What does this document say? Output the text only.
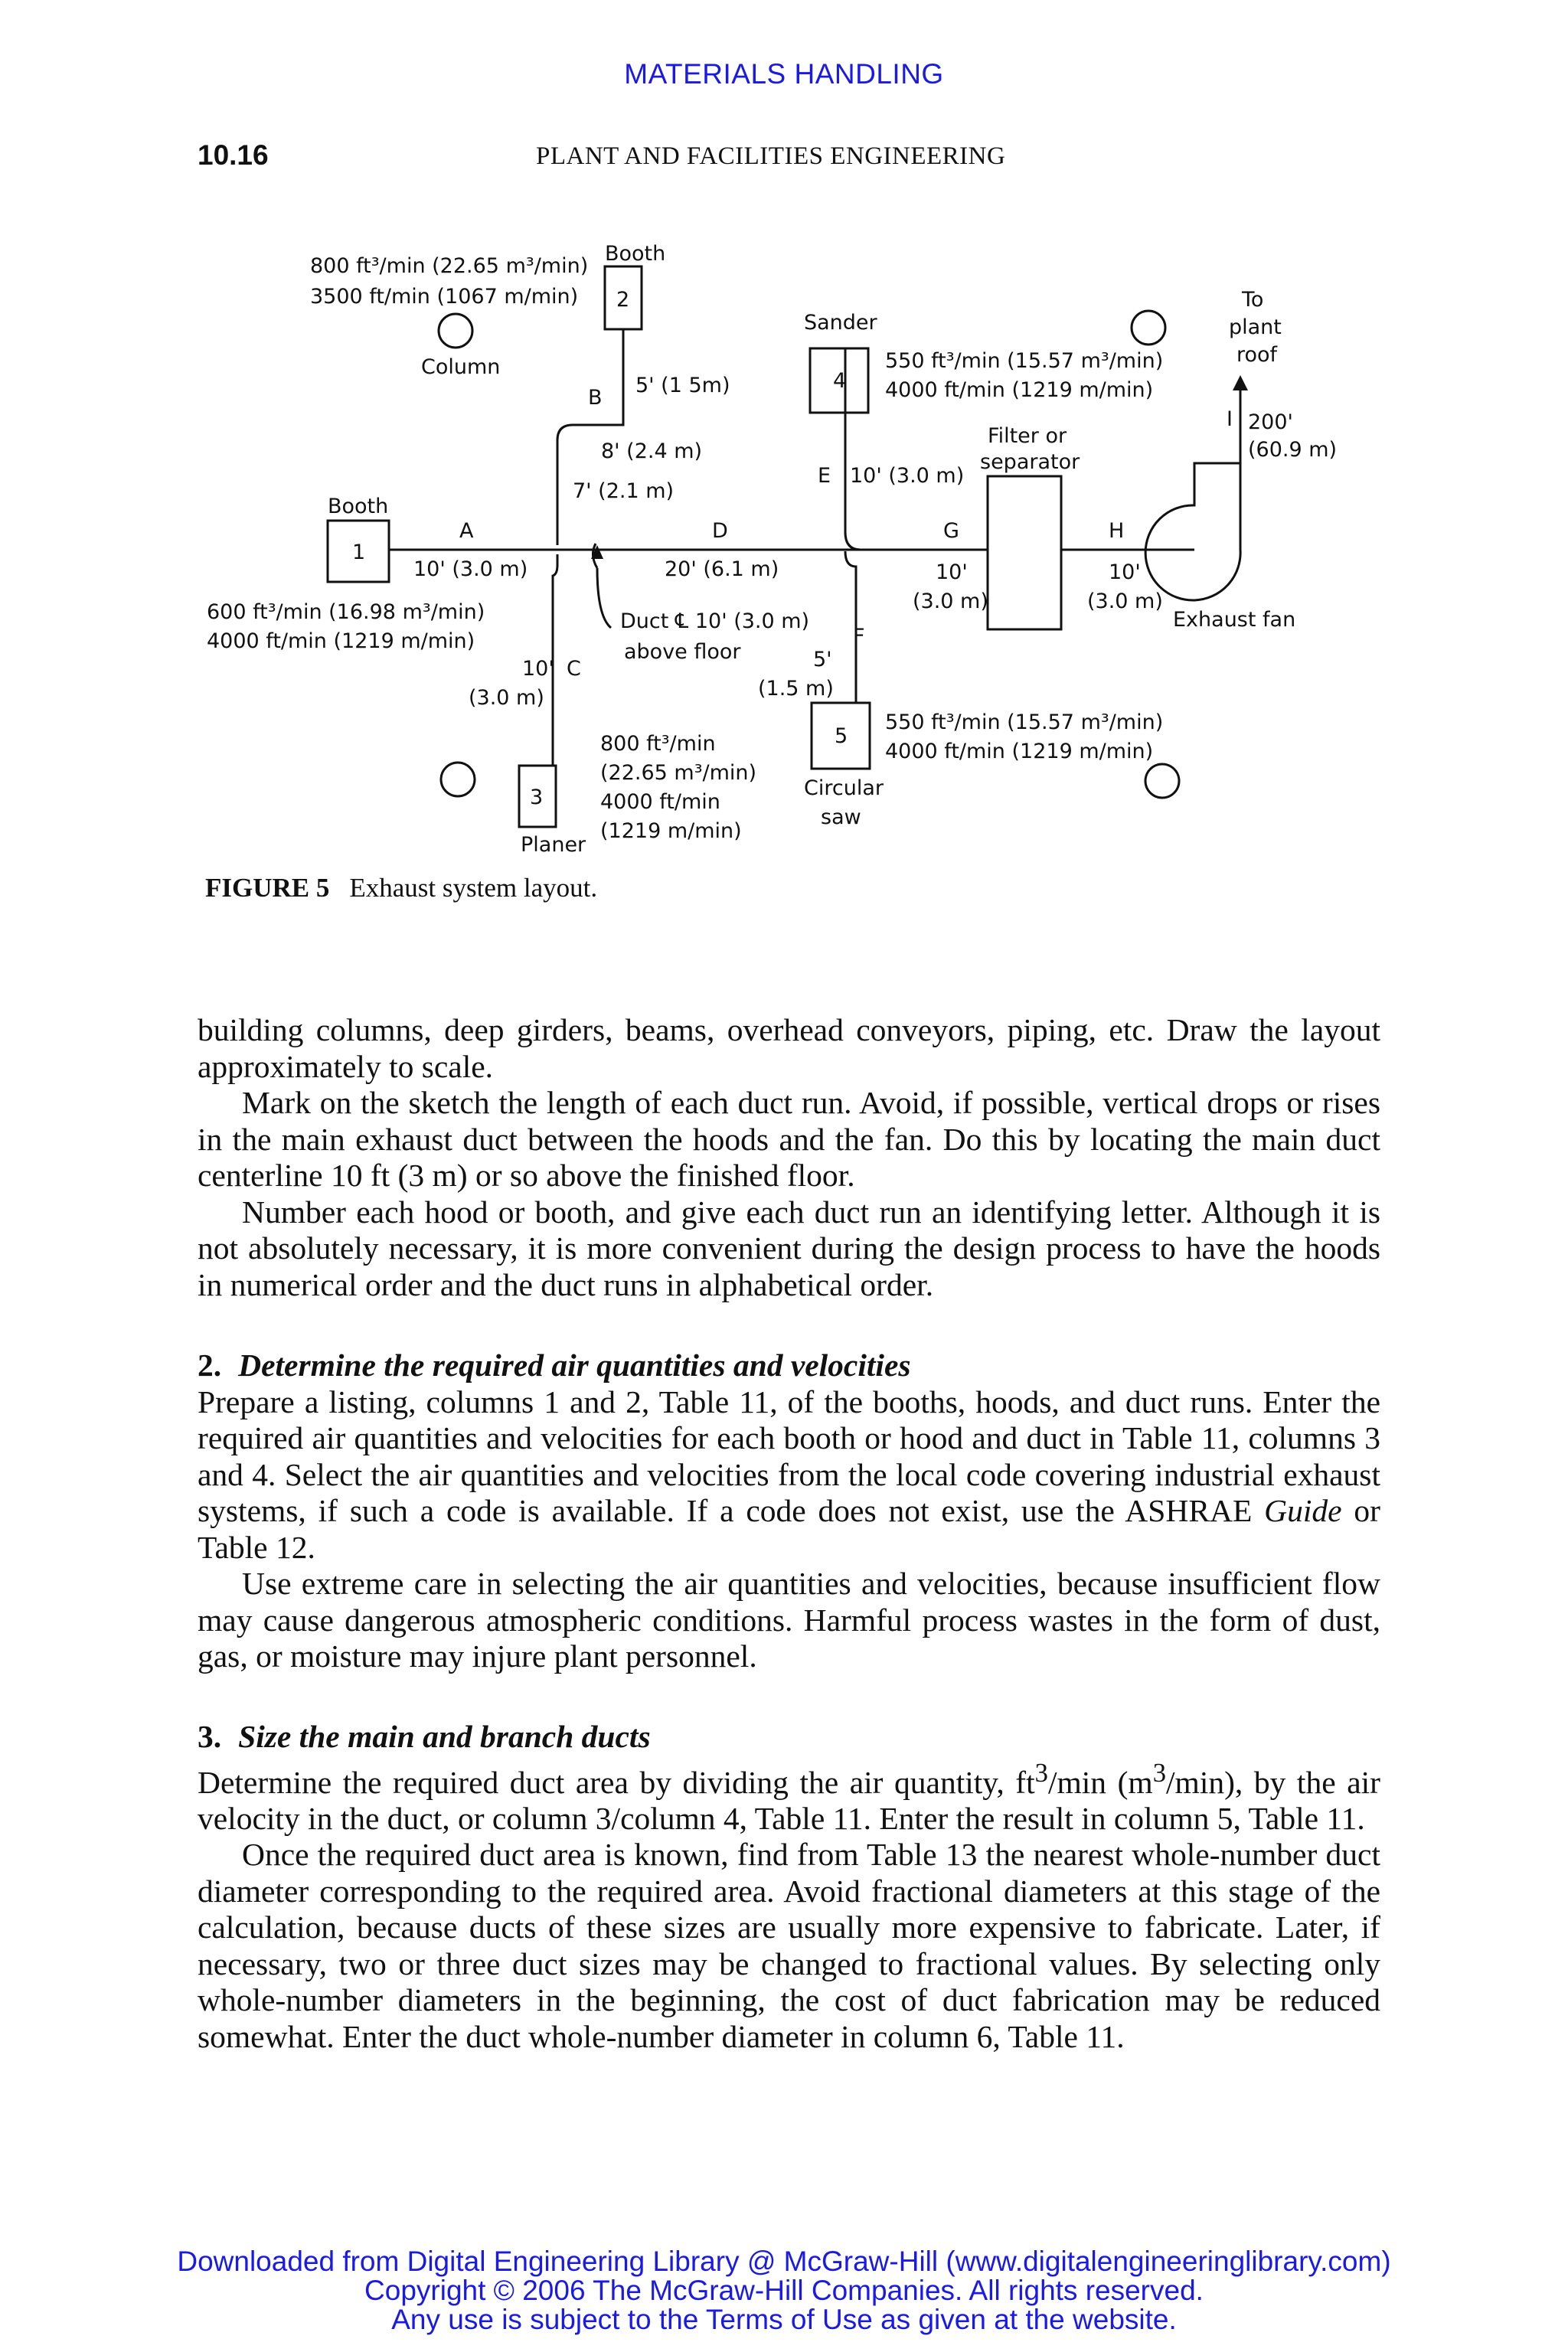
MATERIALS HANDLING
10.16	PLANT AND FACILITIES ENGINEERING
800 ft³/min (22.65 m³/min)
3500 ft/min (1067 m/min)
Booth
2
Column
B
5' (1 5m)
8' (2.4 m)
7' (2.1 m)
Booth
1
A
10' (3.0 m)
600 ft³/min (16.98 m³/min)
4000 ft/min (1219 m/min)
D
20' (6.1 m)
Duct ℄ 10' (3.0 m)
above floor
10' C
(3.0 m)
3
Planer
800 ft³/min
(22.65 m³/min)
4000 ft/min
(1219 m/min)
Sander
4
550 ft³/min (15.57 m³/min)
4000 ft/min (1219 m/min)
E 10' (3.0 m)
F
5'
(1.5 m)
5
Circular
saw
550 ft³/min (15.57 m³/min)
4000 ft/min (1219 m/min)
Filter or
separator
G
10'
(3.0 m)
H
10'
(3.0 m)
To
plant
roof
I 200'
(60.9 m)
Exhaust fan
FIGURE 5 Exhaust system layout.

building columns, deep girders, beams, overhead conveyors, piping, etc. Draw the layout approximately to scale.

Mark on the sketch the length of each duct run. Avoid, if possible, vertical drops or rises in the main exhaust duct between the hoods and the fan. Do this by locating the main duct centerline 10 ft (3 m) or so above the finished floor.

Number each hood or booth, and give each duct run an identifying letter. Although it is not absolutely necessary, it is more convenient during the design process to have the hoods in numerical order and the duct runs in alphabetical order.

2. Determine the required air quantities and velocities

Prepare a listing, columns 1 and 2, Table 11, of the booths, hoods, and duct runs. Enter the required air quantities and velocities for each booth or hood and duct in Table 11, columns 3 and 4. Select the air quantities and velocities from the local code covering industrial exhaust systems, if such a code is available. If a code does not exist, use the ASHRAE Guide or Table 12.

Use extreme care in selecting the air quantities and velocities, because insufficient flow may cause dangerous atmospheric conditions. Harmful process wastes in the form of dust, gas, or moisture may injure plant personnel.

3. Size the main and branch ducts

Determine the required duct area by dividing the air quantity, $ft^3/\min$ $(m^3/\min)$, by the air velocity in the duct, or column 3/column 4, Table 11. Enter the result in column 5, Table 11.

Once the required duct area is known, find from Table 13 the nearest whole-number duct diameter corresponding to the required area. Avoid fractional diameters at this stage of the calculation, because ducts of these sizes are usually more expensive to fabricate. Later, if necessary, two or three duct sizes may be changed to fractional values. By selecting only whole-number diameters in the beginning, the cost of duct fabrication may be reduced somewhat. Enter the duct whole-number diameter in column 6, Table 11.

Downloaded from Digital Engineering Library @ McGraw-Hill (www.digitalengineeringlibrary.com)
Copyright © 2006 The McGraw-Hill Companies. All rights reserved.
Any use is subject to the Terms of Use as given at the website.
